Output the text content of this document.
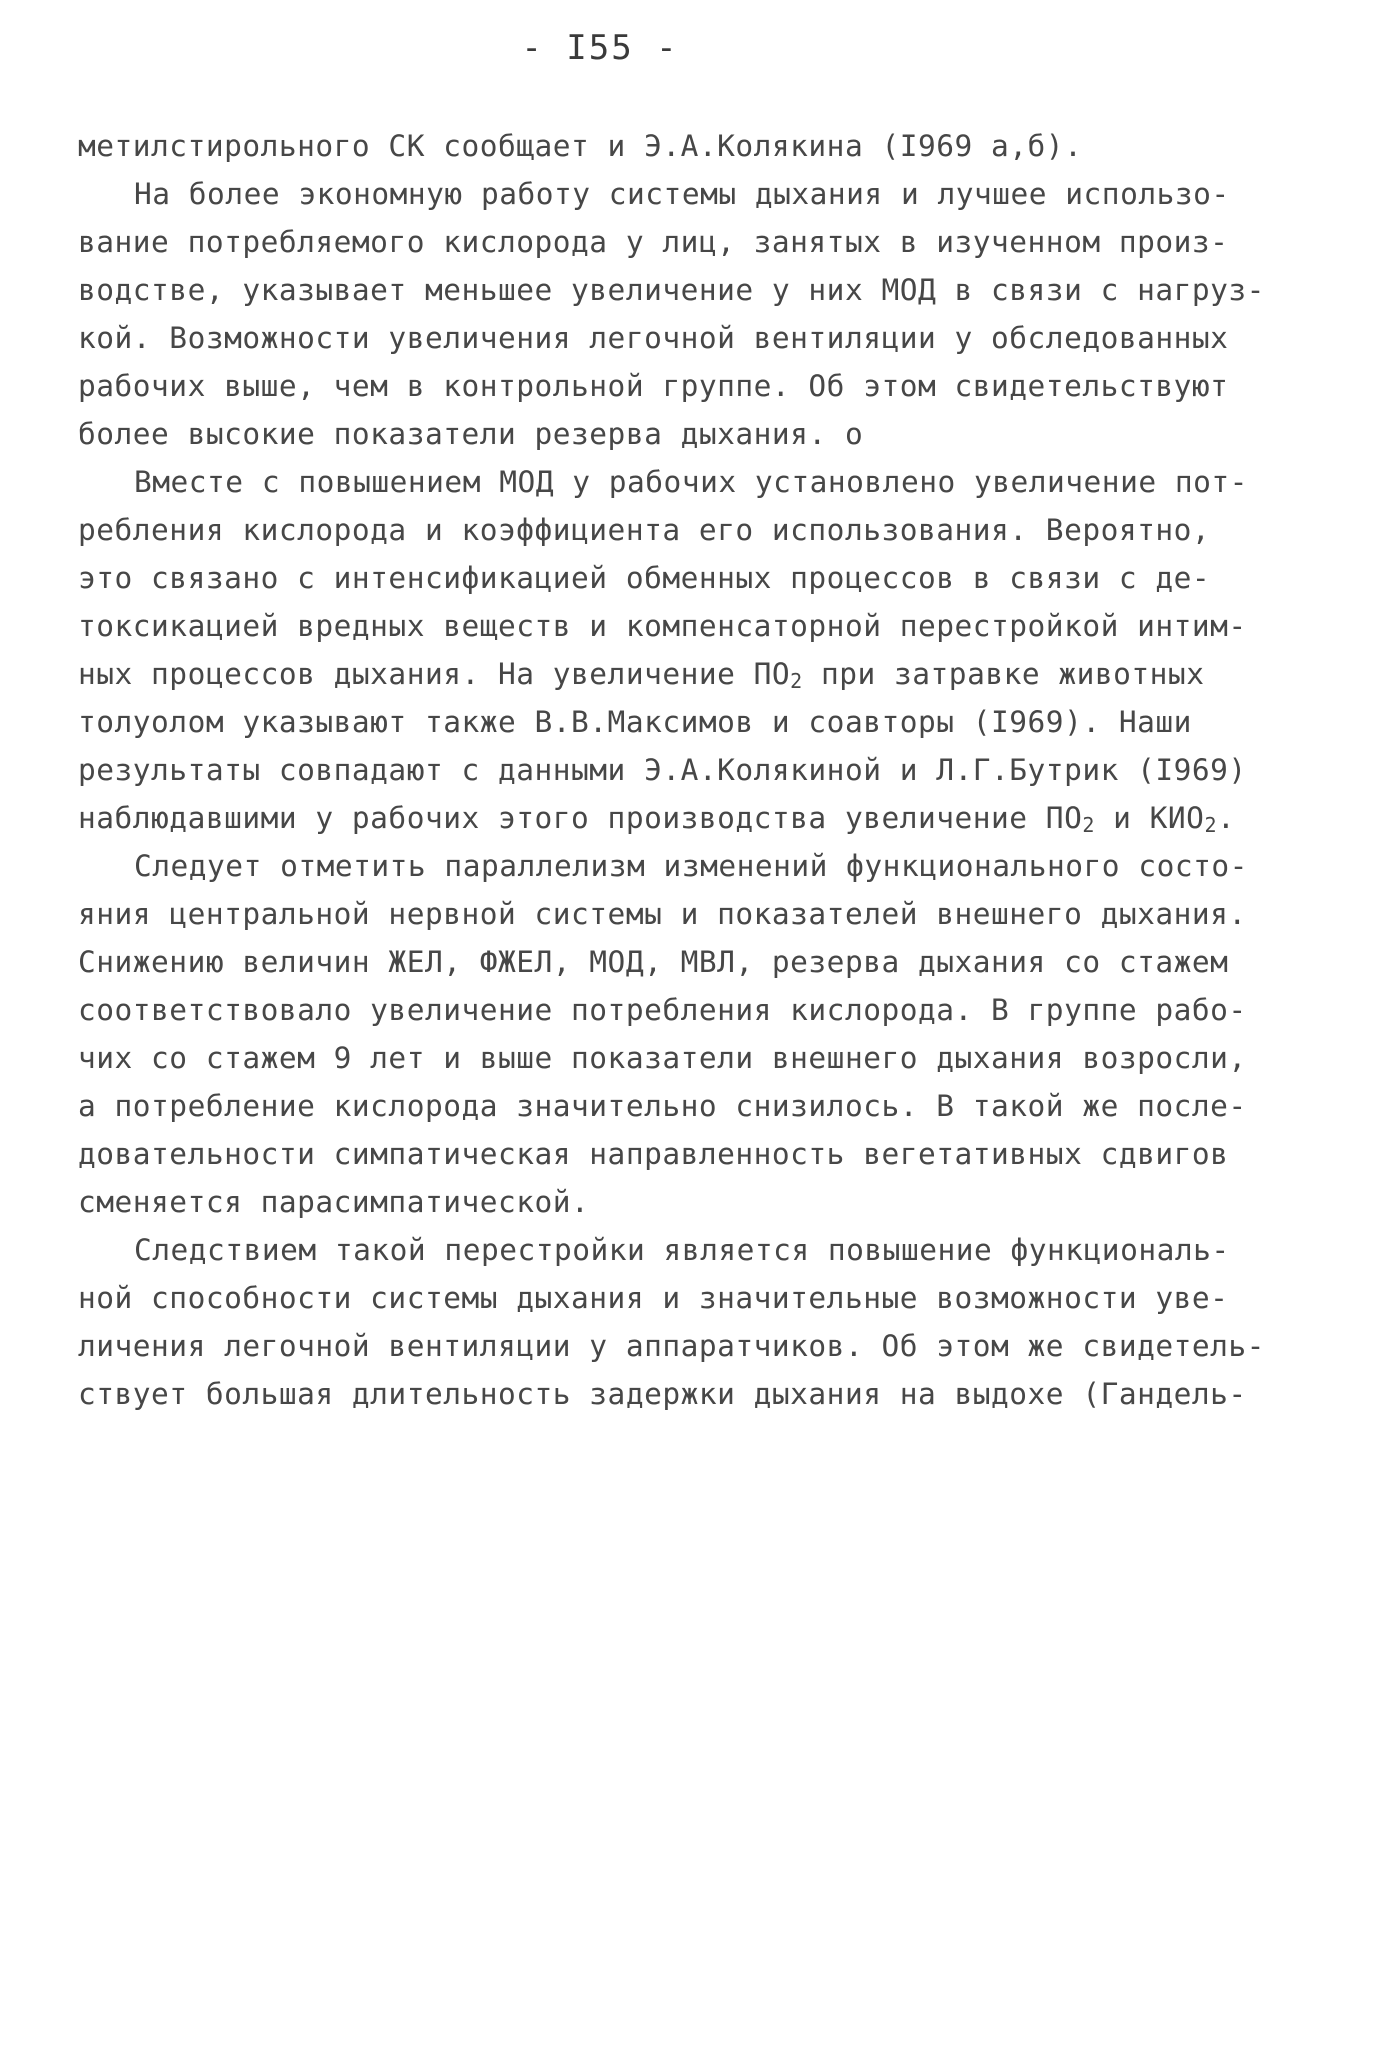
- I55 -
метилстирольного СК сообщает и Э.А.Колякина (I969 а,б).
На более экономную работу системы дыхания и лучшее использо-
вание потребляемого кислорода у лиц, занятых в изученном произ-
водстве, указывает меньшее увеличение у них МОД в связи с нагруз-
кой. Возможности увеличения легочной вентиляции у обследованных
рабочих выше, чем в контрольной группе. Об этом свидетельствуют
более высокие показатели резерва дыхания. о
Вместе с повышением МОД у рабочих установлено увеличение пот-
ребления кислорода и коэффициента его использования. Вероятно,
это связано с интенсификацией обменных процессов в связи с де-
токсикацией вредных веществ и компенсаторной перестройкой интим-
ных процессов дыхания. На увеличение $ПО_2$ при затравке животных
толуолом указывают также В.В.Максимов и соавторы (I969). Наши
результаты совпадают с данными Э.А.Колякиной и Л.Г.Бутрик (I969)
наблюдавшими у рабочих этого производства увеличение $ПО_2$ и $КИО_2$.
Следует отметить параллелизм изменений функционального состо-
яния центральной нервной системы и показателей внешнего дыхания.
Снижению величин ЖЕЛ, ФЖЕЛ, МОД, МВЛ, резерва дыхания со стажем
соответствовало увеличение потребления кислорода. В группе рабо-
чих со стажем 9 лет и выше показатели внешнего дыхания возросли,
а потребление кислорода значительно снизилось. В такой же после-
довательности симпатическая направленность вегетативных сдвигов
сменяется парасимпатической.
Следствием такой перестройки является повышение функциональ-
ной способности системы дыхания и значительные возможности уве-
личения легочной вентиляции у аппаратчиков. Об этом же свидетель-
ствует большая длительность задержки дыхания на выдохе (Гандель-
